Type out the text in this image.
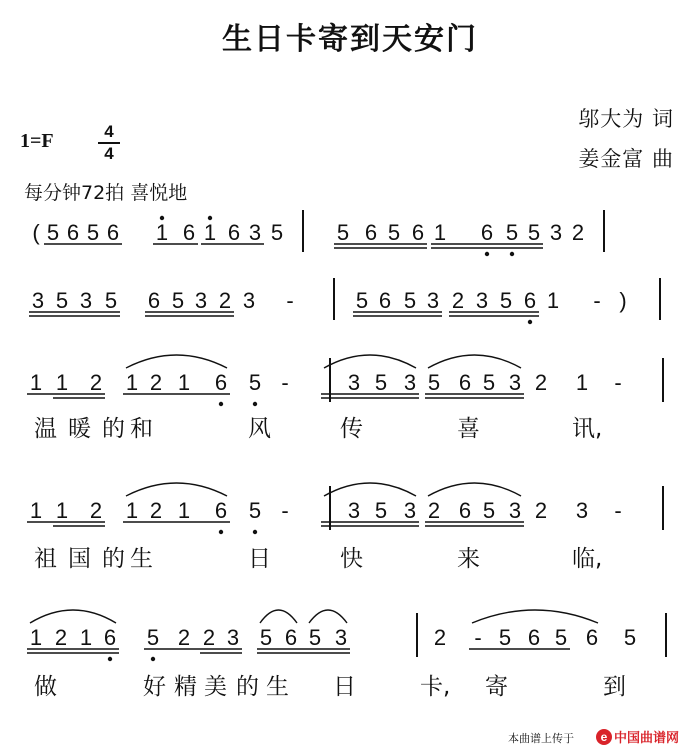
生日卡寄到天安门
邬大为 词
姜金富 曲
1=F	4
4
每分钟72拍 喜悦地
( 5 6 5 6 1 6 1 6 3 5 5 6 5 6 1 6 5 5 3 2
3 5 3 5 6 5 3 2 3 -	5 6 5 3 2 3 5 6 1 - )
1 1 2 1 2 1 6 5 -	3 5 3 5 6 5 3 2 1 -
1 1 2 1 2 1 6 5 -	3 5 3 2 6 5 3 2 3 -
1 2 1 6 5 2 2 3 5 6 5 3	2 - 5 6 5 6 5
温 暖 的 和	风	传	喜	讯,
祖 国 的 生	日	快	来	临,
做	好 精 美 的 生 日	卡, 寄	到
本曲谱上传于	e 中国曲谱网
